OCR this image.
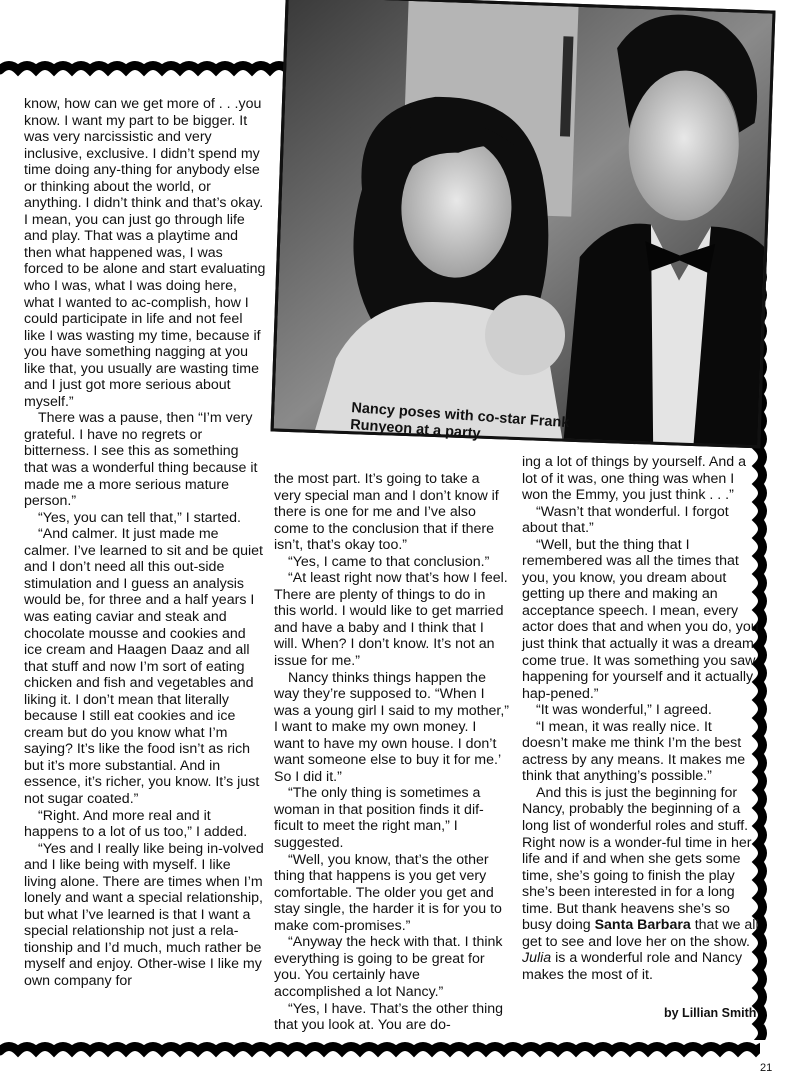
Nancy poses with co-star Frank Runyeon at a party.

know, how can we get more of . . .you know. I want my part to be bigger. It was very narcissistic and very inclusive, exclusive. I didn’t spend my time doing any-thing for anybody else or thinking about the world, or anything. I didn’t think and that’s okay. I mean, you can just go through life and play. That was a playtime and then what happened was, I was forced to be alone and start evaluating who I was, what I was doing here, what I wanted to ac-complish, how I could participate in life and not feel like I was wasting my time, because if you have something nagging at you like that, you usually are wasting time and I just got more serious about myself.”

There was a pause, then “I’m very grateful. I have no regrets or bitterness. I see this as something that was a wonderful thing because it made me a more serious mature person.”

“Yes, you can tell that,” I started.

“And calmer. It just made me calmer. I’ve learned to sit and be quiet and I don’t need all this out-side stimulation and I guess an analysis would be, for three and a half years I was eating caviar and steak and chocolate mousse and cookies and ice cream and Haagen Daaz and all that stuff and now I’m sort of eating chicken and fish and vegetables and liking it. I don’t mean that literally because I still eat cookies and ice cream but do you know what I’m saying? It’s like the food isn’t as rich but it’s more substantial. And in essence, it’s richer, you know. It’s just not sugar coated.”

“Right. And more real and it happens to a lot of us too,” I added.

“Yes and I really like being in-volved and I like being with myself. I like living alone. There are times when I’m lonely and want a special relationship, but what I’ve learned is that I want a special relationship not just a rela-tionship and I’d much, much rather be myself and enjoy. Other-wise I like my own company for

the most part. It’s going to take a very special man and I don’t know if there is one for me and I’ve also come to the conclusion that if there isn’t, that’s okay too.”

“Yes, I came to that conclusion.”

“At least right now that’s how I feel. There are plenty of things to do in this world. I would like to get married and have a baby and I think that I will. When? I don’t know. It’s not an issue for me.”

Nancy thinks things happen the way they’re supposed to. “When I was a young girl I said to my mother,” I want to make my own money. I want to have my own house. I don’t want someone else to buy it for me.’ So I did it.”

“The only thing is sometimes a woman in that position finds it dif-ficult to meet the right man,” I suggested.

“Well, you know, that’s the other thing that happens is you get very comfortable. The older you get and stay single, the harder it is for you to make com-promises.”

“Anyway the heck with that. I think everything is going to be great for you. You certainly have accomplished a lot Nancy.”

“Yes, I have. That’s the other thing that you look at. You are do-

ing a lot of things by yourself. And a lot of it was, one thing was when I won the Emmy, you just think . . .”

“Wasn’t that wonderful. I forgot about that.”

“Well, but the thing that I remembered was all the times that you, you know, you dream about getting up there and making an acceptance speech. I mean, every actor does that and when you do, you just think that actually it was a dream come true. It was something you saw happening for yourself and it actually hap-pened.”

“It was wonderful,” I agreed.

“I mean, it was really nice. It doesn’t make me think I’m the best actress by any means. It makes me think that anything’s possible.”

And this is just the beginning for Nancy, probably the beginning of a long list of wonderful roles and stuff. Right now is a wonder-ful time in her life and if and when she gets some time, she’s going to finish the play she’s been interested in for a long time. But thank heavens she’s so busy doing Santa Barbara that we all get to see and love her on the show. Julia is a wonderful role and Nancy makes the most of it.

by Lillian Smith
21
